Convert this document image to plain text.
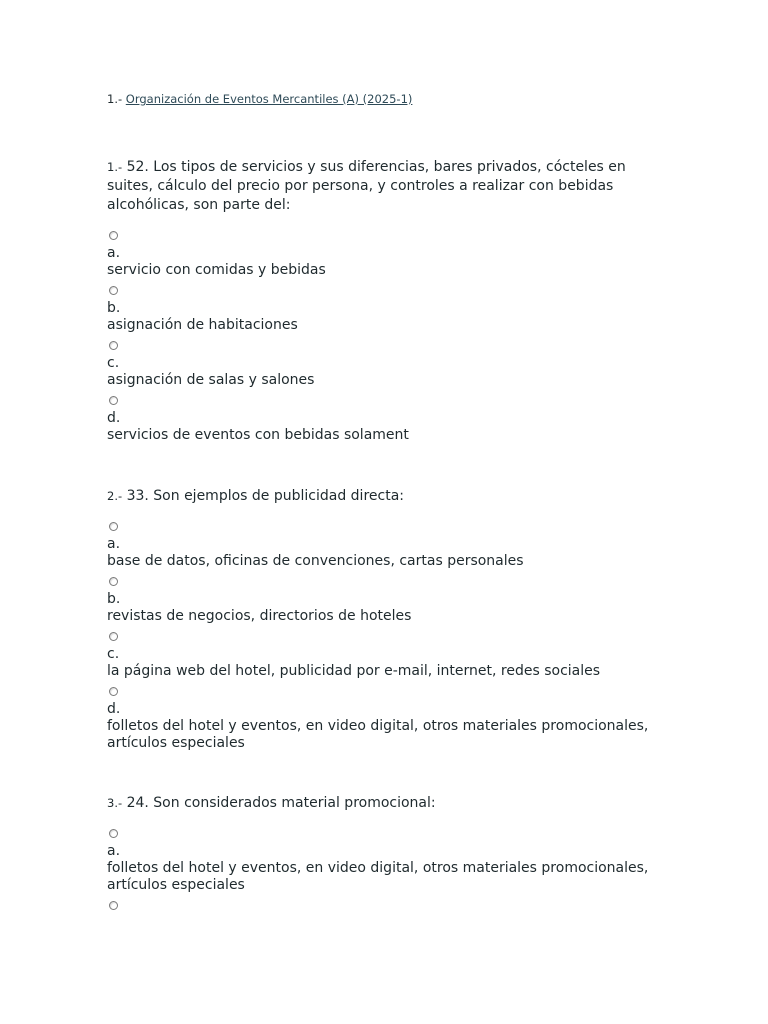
1.- Organización de Eventos Mercantiles (A) (2025-1)
1.- 52. Los tipos de servicios y sus diferencias, bares privados, cócteles en suites, cálculo del precio por persona, y controles a realizar con bebidas alcohólicas, son parte del:
a.
servicio con comidas y bebidas
b.
asignación de habitaciones
c.
asignación de salas y salones
d.
servicios de eventos con bebidas solament
2.- 33. Son ejemplos de publicidad directa:
a.
base de datos, oficinas de convenciones, cartas personales
b.
revistas de negocios, directorios de hoteles
c.
la página web del hotel, publicidad por e-mail, internet, redes sociales
d.
folletos del hotel y eventos, en video digital, otros materiales promocionales, artículos especiales
3.- 24. Son considerados material promocional:
a.
folletos del hotel y eventos, en video digital, otros materiales promocionales, artículos especiales
